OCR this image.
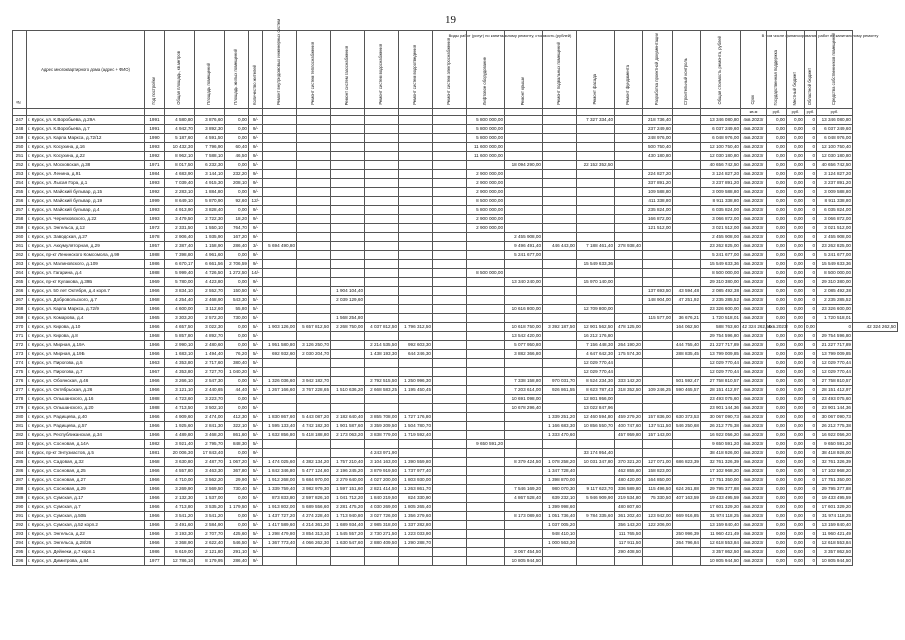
19
Виды работ (услуг) по капитальному ремонту, стоимость (рублей)	В том числе финансирование работ по капитальному ремонту
№	Адрес многоквартирного дома (адрес + ФИО)	Год постройки	Общая площадь, кв.метров	Площадь помещений	Площадь жилых помещений	Количество жителей	Ремонт внутридомовых инженерных систем	Ремонт систем теплоснабжения	Ремонт систем газоснабжения	Ремонт систем водоснабжения	Ремонт систем водоотведения	Ремонт систем электроснабжения	Лифтовое оборудование	Ремонт крыши	Ремонт подвальных помещений	Ремонт фасада	Ремонт фундамента	Разработка проектной документации	Строительный контроль	Общая стоимость ремонта, рублей	Срок	Государственная поддержка	Местный бюджет	Областной бюджет	Средства собственников помещений	
																					кв.м	руб.	руб.	руб.	руб.	
247	г. Курск, ул. К.Воробьева, д.29А	1991	4 580,80	3 876,60	0,00	9/-							5 800 000,00			7 327 334,40		218 736,40		13 346 080,80	4кв.2023г	0,00	0,00	0	13 346 080,80	
248	г. Курск, ул. К.Воробьева, д.7	1991	4 942,70	3 892,30	0,00	9/-							5 800 000,00					237 249,60		6 037 249,60	4кв.2023г	0,00	0,00	0	6 037 249,60	
249	г. Курск, ул. Карла Маркса, д.72/12	1990	5 187,60	4 591,50	0,00	9/-							5 800 000,00					248 976,00		6 048 976,00	4кв.2023г	0,00	0,00	0	6 048 976,00	
250	г. Курск, ул. Косухина, д.16	1993	10 432,30	7 796,90	60,40	9/-							11 600 000,00					500 750,40		12 100 750,40	4кв.2023г	0,00	0,00	0	12 100 750,40	
251	г. Курск, ул. Косухина, д.22	1992	8 962,10	7 588,10	46,50	9/-							11 600 000,00					430 180,80		12 030 180,80	4кв.2023г	0,00	0,00	0	12 030 180,80	
252	г. Курск, ул. Московская, д.38	1971	8 017,50	6 232,30	0,00	5/-								18 094 290,00		22 152 352,50				40 656 742,50	4кв.2023г	0,00	0,00	0	40 656 742,50	
253	г. Курск, ул. Ленина, д.91	1984	4 683,90	3 144,10	232,20	9/-							2 900 000,00					224 827,20		3 124 827,20	4кв.2023г	0,00	0,00	0	3 124 827,20	
254	г. Курск, ул. Лысая Гора, д.1	1993	7 039,40	4 915,30	208,10	9/-							2 900 000,00					337 891,20		3 237 891,20	4кв.2023г	0,00	0,00	0	3 237 891,20	
255	г. Курск, ул. Майский бульвар, д.15	1992	2 283,10	1 884,80	0,00	9/-							2 900 000,00					109 588,80		3 009 588,80	4кв.2023г	0,00	0,00	0	3 009 588,80	
256	г. Курск, ул. Майский бульвар, д.19	1999	8 649,10	5 870,90	92,60	12/-							8 500 000,00					411 338,80		8 911 338,80	4кв.2023г	0,00	0,00	0	8 911 338,80	
257	г. Курск, ул. Майский бульвар, д.4	1993	4 913,90	3 828,40	0,00	9/-							5 800 000,00					235 824,00		6 035 824,00	4кв.2023г	0,00	0,00	0	6 035 824,00	
258	г. Курск, ул. Черняховского, д.22	1993	3 479,50	2 722,30	18,20	9/-							2 900 000,00					166 872,00		3 066 872,00	4кв.2023г	0,00	0,00	0	3 066 872,00	
259	г. Курск, ул. Энгельса, д.12	1972	2 331,50	1 550,10	764,70	9/-							2 900 000,00					121 512,00		3 021 512,00	4кв.2023г	0,00	0,00	0	3 021 512,00	
260	г. Курск, ул. Заводская, д.27	1978	2 906,40	1 935,90	167,20	9/-								2 455 908,00						2 455 908,00	4кв.2023г	0,00	0,00	0	2 455 908,00	
261	г. Курск, ул. Аккумуляторная, д.29	1957	2 387,40	1 158,90	286,40	3/-	5 694 490,80							9 496 491,40	446 443,00	7 188 461,40	278 938,40			23 262 825,00	4кв.2023г	0,00	0,00	0	23 262 825,00	
262	г. Курск, пр-кт Ленинского Комсомола, д.99	1988	7 398,80	4 961,60	0,00	9/-								5 241 677,00						5 241 677,00	4кв.2023г	0,00	0,00	0	5 241 677,00	
263	г. Курск, ул. Малиновского, д.109	1986	6 670,17	6 661,56	2 706,59	9/-										15 549 633,36				15 549 633,36	4кв.2023г	0,00	0,00	0	15 549 633,36	
264	г. Курск, ул. Гагарина, д.4	1988	5 999,40	4 726,50	1 272,50	14/-							8 500 000,00							8 500 000,00	4кв.2023г	0,00	0,00	0	8 500 000,00	
265	г. Курск, пр-кт Кулакова, д.39Б	1969	5 780,00	4 423,80	0,00	9/-								13 340 240,00		15 970 140,00				29 310 380,00	4кв.2023г	0,00	0,00	0	29 310 380,00	
266	г. Курск, ул. 50 лет Октября, д.4 корп.7	1966	3 834,10	2 552,70	150,50	6/-			1 904 104,40									137 693,50	43 594,48	2 085 492,38	4кв.2023г	0,00	0,00	0	2 085 492,38	
267	г. Курск, ул. Добровольского, д.7	1968	4 254,40	2 468,90	543,30	5/-			2 039 129,60									148 904,00	47 251,92	2 235 285,52	4кв.2023г	0,00	0,00	0	2 235 285,52	
268	г. Курск, ул. Карла Маркса, д.72/9	1966	4 600,00	3 112,60	55,80	5/-								10 616 800,00		12 709 800,00				23 326 600,00	4кв.2023г	0,00	0,00	0	23 326 600,00	
269	г. Курск, ул. Комарова, д.4	1965	3 303,20	2 572,20	730,00	5/-			1 568 254,80									115 577,00	36 676,21	1 720 518,01	4кв.2023г	0,00	0,00	0	1 720 518,01	
270	г. Курск, ул. Кирова, д.10	1966	4 657,50	3 022,30	0,00	5/-	1 903 126,00	5 657 812,50	2 268 750,00	4 037 812,50	1 796 312,50			10 618 750,00	3 392 187,50	12 901 562,50	478 125,00		164 062,50	588 763,60	42 324 262,50	4кв.2023г	0,00	0,00	0	42 324 262,50
271	г. Курск, ул. Кирова, д.8	1968	5 857,80	4 892,70	0,00	5/-								13 542 420,00		16 212 176,80				29 754 596,80	4кв.2023г	0,00	0,00	0	29 754 596,80	
272	г. Курск, ул. Мирная, д.19А	1966	2 990,10	2 480,60	0,00	5/-	1 951 580,80	3 126 250,70		2 214 535,50	992 603,30			5 077 950,80		7 156 448,30	264 190,20		444 755,40	21 227 717,89	4кв.2023г	0,00	0,00	0	21 227 717,89	
273	г. Курск, ул. Мирная, д.19Б	1966	1 683,10	1 494,40	76,20	5/-	692 932,60	2 030 204,70		1 438 193,30	644 246,30			3 882 366,80		4 647 642,30	175 574,30		288 835,45	13 799 009,85	4кв.2023г	0,00	0,00	0	13 799 009,85	
274	г. Курск, ул. Пирогова, д.5	1963	4 353,80	2 717,60	380,40	5/-										12 029 770,44				12 029 770,44	4кв.2023г	0,00	0,00	0	12 029 770,44	
275	г. Курск, ул. Пирогова, д.7	1967	4 353,80	2 727,70	1 040,20	5/-										12 029 770,44				12 029 770,44	4кв.2023г	0,00	0,00	0	12 029 770,44	
276	г. Курск, ул. Обоянская, д.46	1966	3 266,10	2 547,30	0,00	5/-	1 326 036,60	3 942 182,70		2 792 515,50	1 250 996,30			7 338 158,80	970 031,70	8 524 234,30	333 142,20		501 592,47	27 758 810,57	4кв.2023г	0,00	0,00	0	27 758 810,57	
277	г. Курск, ул. Октябрьская, д.26	1966	3 121,10	2 440,65	44,40	5/-	1 267 166,60	3 767 228,65	1 510 636,20	2 668 583,25	1 195 450,45			7 203 614,00	926 861,55	8 623 787,43	318 352,50	109 246,25	590 465,57	28 151 412,97	4кв.2023г	0,00	0,00	0	28 151 412,97	
278	г. Курск, ул. Ольшанского, д.16	1988	4 723,60	3 223,70	0,00	5/-								10 691 098,00		12 801 956,00				23 493 075,60	4кв.2023г	0,00	0,00	0	23 493 075,60	
279	г. Курск, ул. Ольшанского, д.20	1988	4 713,50	3 502,10	0,00	5/-								10 678 296,40		13 022 847,96				23 901 144,36	4кв.2023г	0,00	0,00	0	23 901 144,36	
280	г. Курск, ул. Радищева, д.40	1966	4 909,60	2 474,00	412,30	5/-	1 830 867,60	5 443 087,20	2 182 640,40	3 855 708,00	1 727 176,80				1 339 251,20	12 460 594,80	459 279,20	157 836,00	630 373,53	30 067 090,73	4кв.2023г	0,00	0,00	0	30 067 090,73	
281	г. Курск, ул. Радищева, д.57	1966	1 925,60	2 841,30	322,10	5/-	1 595 133,40	4 742 182,30	1 901 587,60	3 359 209,50	1 504 780,70				1 166 683,30	10 856 550,70	400 747,60	137 511,50	546 250,68	26 212 775,38	4кв.2023г	0,00	0,00	0	26 212 775,38	
282	г. Курск, ул. Республиканская, д.34	1966	4 489,80	3 468,20	861,60	5/-	1 632 856,80	5 418 188,80	2 173 063,20	3 838 779,00	1 719 592,40				1 333 470,60		457 959,80	157 143,00		16 922 056,20	4кв.2023г	0,00	0,00	0	16 922 056,20	
283	г. Курск, ул. Сосновая, д.14А	1982	3 921,40	2 795,70	848,30	5/-							9 650 591,20							9 650 591,20	4кв.2023г	0,00	0,00	0	9 650 591,20	
284	г. Курск, пр-кт Энтузиастов, д.5	1981	20 006,30	17 843,40	0,00	9/-				4 243 971,90						33 174 954,40				38 418 926,00	4кв.2023г	0,00	0,00	0	38 418 926,00	
285	г. Курск, ул. Садовая, д.32	1968	3 630,80	2 487,70	1 067,20	5/-	1 474 025,60	4 382 134,20	1 757 210,40	3 104 163,00	1 390 559,80			8 379 424,50	1 078 258,20	10 031 347,80	370 321,20	127 071,00	686 823,39	32 761 326,39	4кв.2023г	0,00	0,00	0	32 761 326,39	
286	г. Курск, ул. Сосновая, д.25	1966	4 557,80	3 463,30	367,80	5/-	1 842 346,80	5 477 124,60	2 196 245,20	3 879 919,50	1 737 977,40				1 347 728,40		462 855,60	158 823,00		17 102 968,20	4кв.2023г	0,00	0,00	0	17 102 968,20	
287	г. Курск, ул. Сосновая, д.27	1966	4 710,00	3 562,20	29,90	5/-	1 912 268,00	5 684 970,00	2 279 640,00	4 027 200,00	1 803 930,00				1 398 870,00		480 420,00	164 850,00		17 751 350,00	4кв.2023г	0,00	0,00	0	17 751 350,00	
288	г. Курск, ул. Сосновая, д.29	1966	3 269,90	2 569,50	730,40	5/-	1 339 759,40	3 982 979,30	1 597 151,60	2 821 414,50	1 263 861,70			7 546 169,20	980 070,30	9 117 623,70	336 589,80	115 496,50	624 261,88	29 795 377,88	4кв.2023г	0,00	0,00	0	29 795 377,88	
289	г. Курск, ул. Сумская, д.17	1966	2 132,30	1 537,00	0,00	5/-	873 833,80	2 597 826,10	1 041 712,20	1 840 219,50	824 330,90			4 867 528,40	639 232,10	5 946 909,90	219 534,80	75 330,50	407 163,59	19 433 495,59	4кв.2023г	0,00	0,00	0	19 433 495,59	
290	г. Курск, ул. Сумская, д.7	1966	4 713,80	3 535,20	1 179,50	5/-	1 913 802,00	5 689 556,60	2 281 475,20	4 030 269,00	1 805 265,40				1 399 998,60		480 807,60			17 601 329,20	4кв.2023г	0,00	0,00	0	17 601 329,20	
291	г. Курск, ул. Сумская, д.50Б	1966	3 541,20	3 541,20	0,00	5/-	1 437 727,20	4 274 228,40	1 713 940,80	3 027 726,00	1 356 279,60			8 173 089,60	1 051 736,40	9 784 335,60	361 202,40	123 942,00	669 916,85	31 974 118,25	4кв.2023г	0,00	0,00	0	31 974 118,25	
292	г. Курск, ул. Сумская, д.52 корп.2	1966	3 491,60	2 584,90	0,00	5/-	1 417 589,60	4 214 361,20	1 689 934,40	2 985 318,00	1 337 282,80				1 037 005,20		356 143,20	122 206,00		13 159 840,40	4кв.2023г	0,00	0,00	0	13 159 840,40	
293	г. Курск, ул. Энгельса, д.22	1966	3 193,30	2 707,70	425,60	5/-	1 298 479,80	3 854 313,10	1 545 557,20	2 730 271,50	1 223 033,90				948 410,10		111 765,50		250 996,39	11 960 421,49	4кв.2023г	0,00	0,00	0	11 960 421,49	
294	г. Курск, ул. Энгельса, д.28/26	1966	3 368,90	2 622,40	546,50	5/-	1 367 773,40	4 066 262,30	1 630 547,60	2 880 409,50	1 290 288,70				1 000 563,30		117 911,50		264 796,84	12 618 553,84	4кв.2023г	0,00	0,00	0	12 618 553,84	
295	г. Курск, ул. Дейнеки, д.7 корп.1	1986	5 619,00	2 121,80	291,10	5/-								3 067 454,50			290 408,50			3 357 862,50	4кв.2023г	0,00	0,00	0	3 357 862,50	
296	г. Курск, ул. Димитрова, д.84	1977	12 786,10	8 179,95	286,40	9/-								10 805 944,50						10 805 944,50	4кв.2023г	0,00	0,00	0	10 805 944,50	
